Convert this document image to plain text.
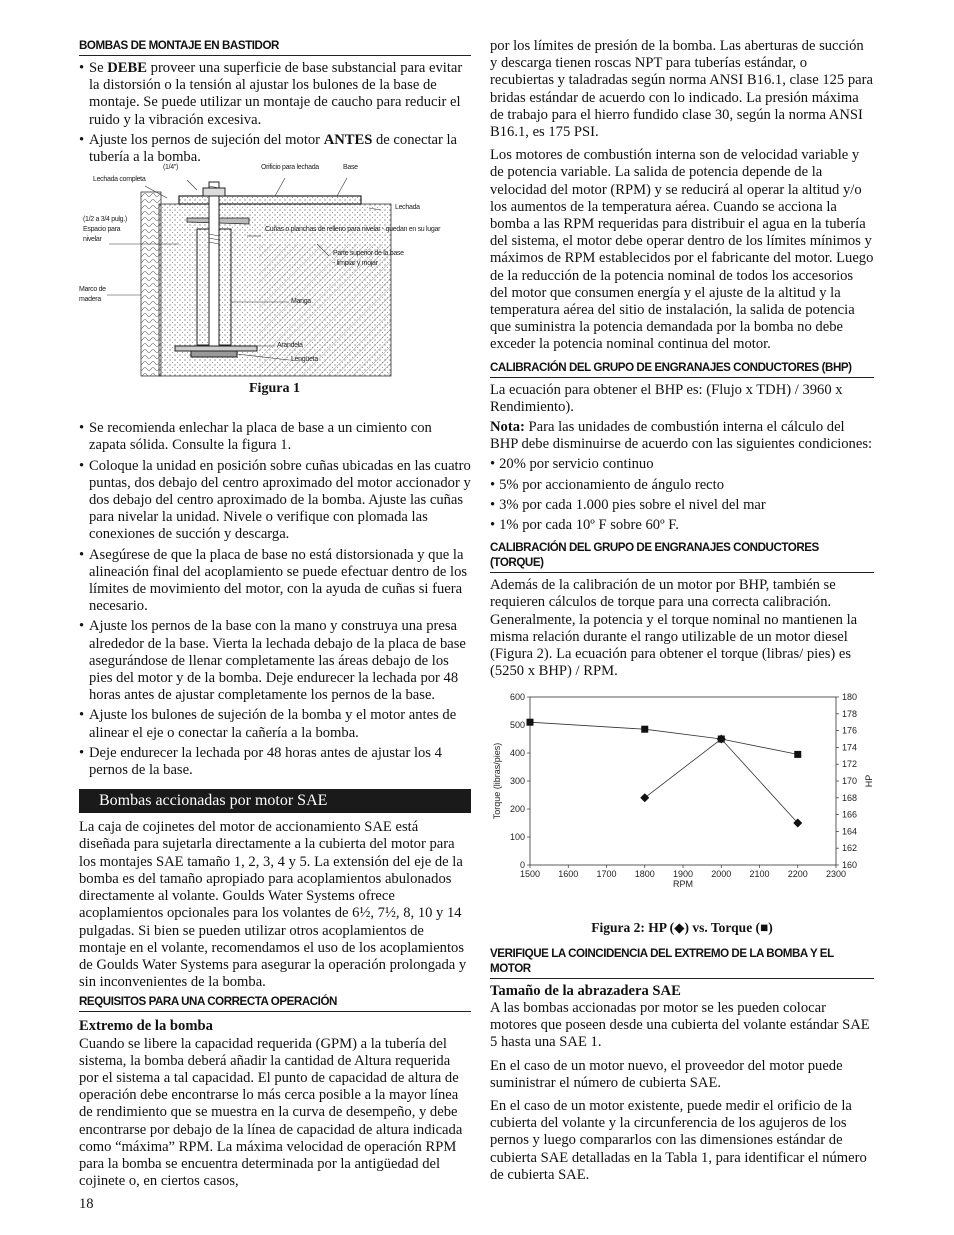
BOMBAS DE MONTAJE EN BASTIDOR
• Se DEBE proveer una superficie de base substancial para evitar la distorsión o la tensión al ajustar los bulones de la base de montaje. Se puede utilizar un montaje de caucho para reducir el ruido y la vibración excesiva.
• Ajuste los pernos de sujeción del motor ANTES de conectar la tubería a la bomba.
Lechada completa
(1/4")	Orificio para lechada	Base
Lechada
(1/2 a 3/4 pulg.)
Espacio para
nivelar
Cuñas o planchas de relleno para nivelar - quedan en su lugar
Parte superior de la base
- limpiar y mojar
Marco de
madera	Manga
Arandela
Lengüeta
Figura 1
• Se recomienda enlechar la placa de base a un cimiento con zapata sólida. Consulte la figura 1.
• Coloque la unidad en posición sobre cuñas ubicadas en las cuatro puntas, dos debajo del centro aproximado del motor accionador y dos debajo del centro aproximado de la bomba. Ajuste las cuñas para nivelar la unidad. Nivele o verifique con plomada las conexiones de succión y descarga.
• Asegúrese de que la placa de base no está distorsionada y que la alineación final del acoplamiento se puede efectuar dentro de los límites de movimiento del motor, con la ayuda de cuñas si fuera necesario.
• Ajuste los pernos de la base con la mano y construya una presa alrededor de la base. Vierta la lechada debajo de la placa de base asegurándose de llenar completamente las áreas debajo de los pies del motor y de la bomba. Deje endurecer la lechada por 48 horas antes de ajustar completamente los pernos de la base.
• Ajuste los bulones de sujeción de la bomba y el motor antes de alinear el eje o conectar la cañería a la bomba.
• Deje endurecer la lechada por 48 horas antes de ajustar los 4 pernos de la base.
Bombas accionadas por motor SAE

La caja de cojinetes del motor de accionamiento SAE está diseñada para sujetarla directamente a la cubierta del motor para los montajes SAE tamaño 1, 2, 3, 4 y 5. La extensión del eje de la bomba es del tamaño apropiado para acoplamientos abulonados directamente al volante. Goulds Water Systems ofrece acoplamientos opcionales para los volantes de 6½, 7½, 8, 10 y 14 pulgadas. Si bien se pueden utilizar otros acoplamientos de montaje en el volante, recomendamos el uso de los acoplamientos de Goulds Water Systems para asegurar la operación prolongada y sin inconvenientes de la bomba.

REQUISITOS PARA UNA CORRECTA OPERACIÓN

Extremo de la bomba

Cuando se libere la capacidad requerida (GPM) a la tubería del sistema, la bomba deberá añadir la cantidad de Altura requerida por el sistema a tal capacidad. El punto de capacidad de altura de operación debe encontrarse lo más cerca posible a la mayor línea de rendimiento que se muestra en la curva de desempeño, y debe encontrarse por debajo de la línea de capacidad de altura indicada como “máxima” RPM. La máxima velocidad de operación RPM para la bomba se encuentra determinada por la antigüedad del cojinete o, en ciertos casos,

por los límites de presión de la bomba. Las aberturas de succión y descarga tienen roscas NPT para tuberías estándar, o recubiertas y taladradas según norma ANSI B16.1, clase 125 para bridas estándar de acuerdo con lo indicado. La presión máxima de trabajo para el hierro fundido clase 30, según la norma ANSI B16.1, es 175 PSI.

Los motores de combustión interna son de velocidad variable y de potencia variable. La salida de potencia depende de la velocidad del motor (RPM) y se reducirá al operar la altitud y/o los aumentos de la temperatura aérea. Cuando se acciona la bomba a las RPM requeridas para distribuir el agua en la tubería del sistema, el motor debe operar dentro de los límites mínimos y máximos de RPM establecidos por el fabricante del motor. Luego de la reducción de la potencia nominal de todos los accesorios del motor que consumen energía y el ajuste de la altitud y la temperatura aérea del sitio de instalación, la salida de potencia que suministra la potencia demandada por la bomba no debe exceder la potencia nominal continua del motor.

CALIBRACIÓN DEL GRUPO DE ENGRANAJES CONDUCTORES (BHP)

La ecuación para obtener el BHP es: (Flujo x TDH) / 3960 x Rendimiento).

Nota: Para las unidades de combustión interna el cálculo del BHP debe disminuirse de acuerdo con las siguientes condiciones:

• 20% por servicio continuo
• 5% por accionamiento de ángulo recto
• 3% por cada 1.000 pies sobre el nivel del mar
• 1% por cada 10º F sobre 60º F.
CALIBRACIÓN DEL GRUPO DE ENGRANAJES CONDUCTORES (TORQUE)

Además de la calibración de un motor por BHP, también se requieren cálculos de torque para una correcta calibración. Generalmente, la potencia y el torque nominal no mantienen la misma relación durante el rango utilizable de un motor diesel (Figura 2). La ecuación para obtener el torque (libras/ pies) es (5250 x BHP) / RPM.

1500 1600 1700 1800 1900 2000 2100 2200 2300
0
100
200
300
400
500
600
160
162
164
166
168
170
172
174
176
178
180
RPM
Torque (libras/pies)	HP

Figura 2: HP (◆) vs. Torque (■)

VERIFIQUE LA COINCIDENCIA DEL EXTREMO DE LA BOMBA Y EL MOTOR

Tamaño de la abrazadera SAE

A las bombas accionadas por motor se les pueden colocar motores que poseen desde una cubierta del volante estándar SAE 5 hasta una SAE 1.

En el caso de un motor nuevo, el proveedor del motor puede suministrar el número de cubierta SAE.

En el caso de un motor existente, puede medir el orificio de la cubierta del volante y la circunferencia de los agujeros de los pernos y luego compararlos con las dimensiones estándar de cubierta SAE detalladas en la Tabla 1, para identificar el número de cubierta SAE.

18
